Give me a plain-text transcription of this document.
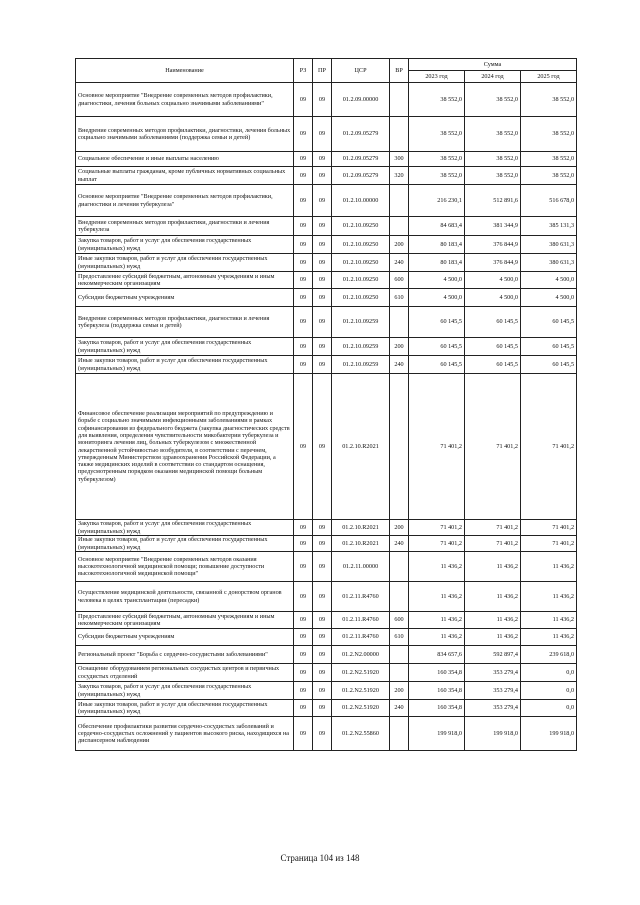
Наименование	РЗ	ПР	ЦСР	ВР	Сумма		
					2023 год	2024 год	2025 год
Основное мероприятие "Внедрение современных методов профилактики, диагностики, лечения больных социально значимыми заболеваниями"	09	09	01.2.09.00000		38 552,0	38 552,0	38 552,0
Внедрение современных методов профилактики, диагностики, лечения больных социально значимыми заболеваниями (поддержка семьи и детей)	09	09	01.2.09.05279		38 552,0	38 552,0	38 552,0
Социальное обеспечение и иные выплаты населению	09	09	01.2.09.05279	300	38 552,0	38 552,0	38 552,0
Социальные выплаты гражданам, кроме публичных нормативных социальных выплат	09	09	01.2.09.05279	320	38 552,0	38 552,0	38 552,0
Основное мероприятие "Внедрение современных методов профилактики, диагностики и лечения туберкулеза"	09	09	01.2.10.00000		216 230,1	512 891,6	516 678,0
Внедрение современных методов профилактики, диагностики и лечения туберкулеза	09	09	01.2.10.09250		84 683,4	381 344,9	385 131,3
Закупка товаров, работ и услуг для обеспечения государственных (муниципальных) нужд	09	09	01.2.10.09250	200	80 183,4	376 844,9	380 631,3
Иные закупки товаров, работ и услуг для обеспечения государственных (муниципальных) нужд	09	09	01.2.10.09250	240	80 183,4	376 844,9	380 631,3
Предоставление субсидий бюджетным, автономным учреждениям и иным некоммерческим организациям	09	09	01.2.10.09250	600	4 500,0	4 500,0	4 500,0
Субсидии бюджетным учреждениям	09	09	01.2.10.09250	610	4 500,0	4 500,0	4 500,0
Внедрение современных методов профилактики, диагностики и лечения туберкулеза (поддержка семьи и детей)	09	09	01.2.10.09259		60 145,5	60 145,5	60 145,5
Закупка товаров, работ и услуг для обеспечения государственных (муниципальных) нужд	09	09	01.2.10.09259	200	60 145,5	60 145,5	60 145,5
Иные закупки товаров, работ и услуг для обеспечения государственных (муниципальных) нужд	09	09	01.2.10.09259	240	60 145,5	60 145,5	60 145,5
Финансовое обеспечение реализации мероприятий по предупреждению и борьбе с социально значимыми инфекционными заболеваниями в рамках софинансирования из федерального бюджета (закупка диагностических средств для выявления, определения чувствительности микобактерии туберкулеза и мониторинга лечения лиц, больных туберкулезом с множественной лекарственной устойчивостью возбудителя, в соответствии с перечнем, утвержденным Министерством здравоохранения Российской Федерации, а также медицинских изделий в соответствии со стандартом оснащения, предусмотренным порядком оказания медицинской помощи больным туберкулезом)	09	09	01.2.10.R2021		71 401,2	71 401,2	71 401,2
Закупка товаров, работ и услуг для обеспечения государственных (муниципальных) нужд	09	09	01.2.10.R2021	200	71 401,2	71 401,2	71 401,2
Иные закупки товаров, работ и услуг для обеспечения государственных (муниципальных) нужд	09	09	01.2.10.R2021	240	71 401,2	71 401,2	71 401,2
Основное мероприятие "Внедрение современных методов оказания высокотехнологичной медицинской помощи; повышение доступности высокотехнологичной медицинской помощи"	09	09	01.2.11.00000		11 436,2	11 436,2	11 436,2
Осуществление медицинской деятельности, связанной с донорством органов человека в целях трансплантации (пересадки)	09	09	01.2.11.R4760		11 436,2	11 436,2	11 436,2
Предоставление субсидий бюджетным, автономным учреждениям и иным некоммерческим организациям	09	09	01.2.11.R4760	600	11 436,2	11 436,2	11 436,2
Субсидии бюджетным учреждениям	09	09	01.2.11.R4760	610	11 436,2	11 436,2	11 436,2
Региональный проект "Борьба с сердечно-сосудистыми заболеваниями"	09	09	01.2.N2.00000		834 657,6	592 897,4	239 618,0
Оснащение оборудованием региональных сосудистых центров и первичных сосудистых отделений	09	09	01.2.N2.51920		160 354,8	353 279,4	0,0
Закупка товаров, работ и услуг для обеспечения государственных (муниципальных) нужд	09	09	01.2.N2.51920	200	160 354,8	353 279,4	0,0
Иные закупки товаров, работ и услуг для обеспечения государственных (муниципальных) нужд	09	09	01.2.N2.51920	240	160 354,8	353 279,4	0,0
Обеспечение профилактики развития сердечно-сосудистых заболеваний и сердечно-сосудистых осложнений у пациентов высокого риска, находящихся на диспансерном наблюдении	09	09	01.2.N2.55860		199 918,0	199 918,0	199 918,0
Страница 104 из 148
